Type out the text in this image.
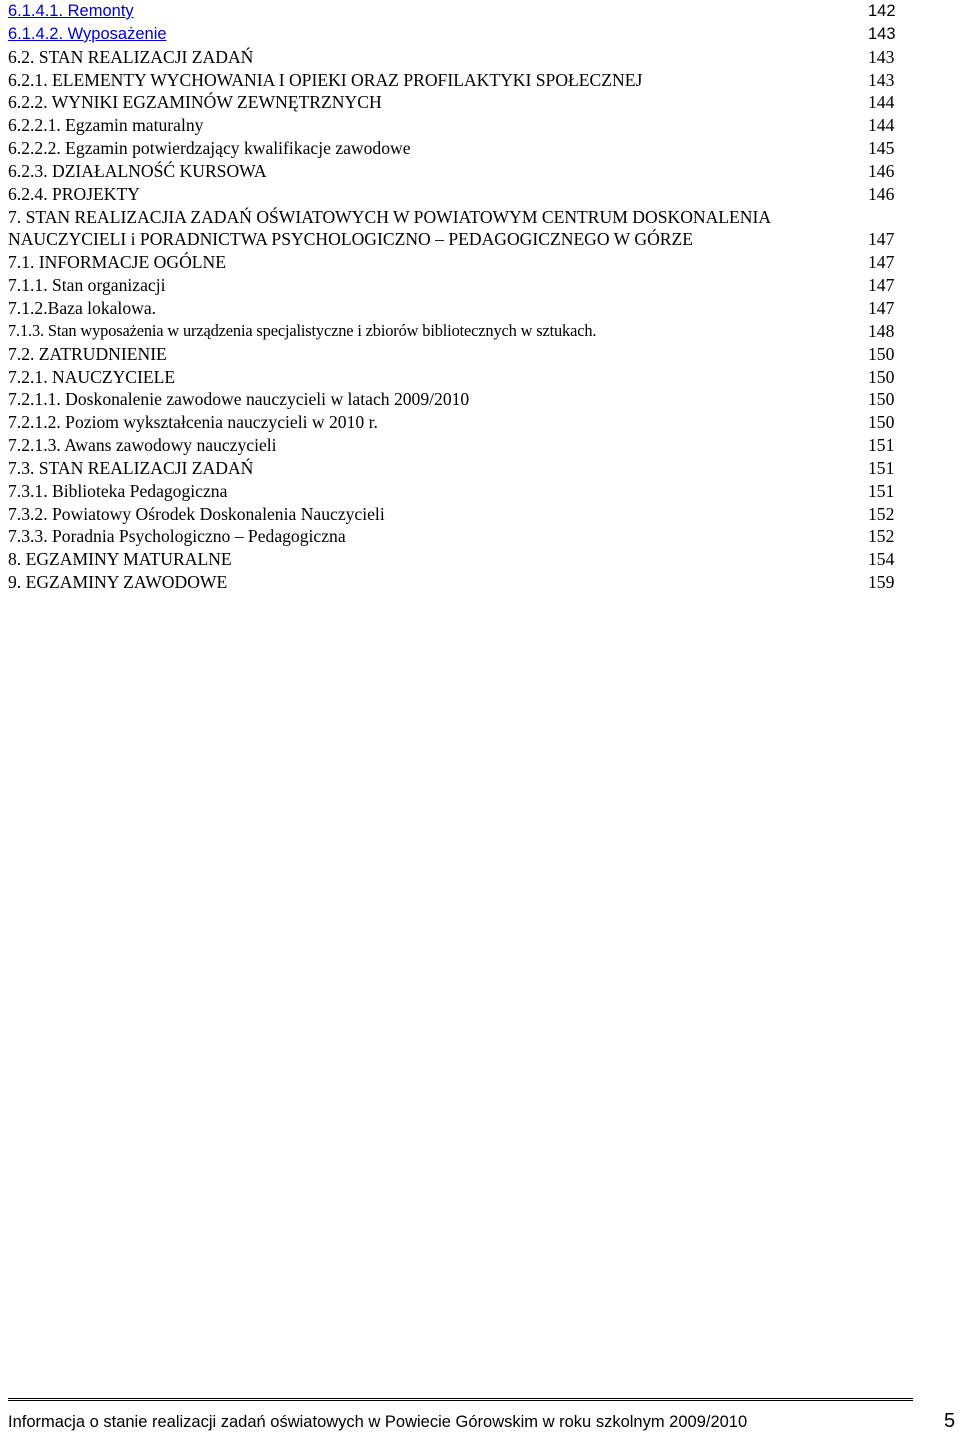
6.1.4.1. Remonty	142
6.1.4.2. Wyposażenie	143
6.2. STAN REALIZACJI ZADAŃ	143
6.2.1. ELEMENTY WYCHOWANIA I OPIEKI ORAZ PROFILAKTYKI SPOŁECZNEJ	143
6.2.2. WYNIKI EGZAMINÓW ZEWNĘTRZNYCH	144
6.2.2.1. Egzamin maturalny	144
6.2.2.2. Egzamin potwierdzający kwalifikacje zawodowe	145
6.2.3. DZIAŁALNOŚĆ KURSOWA	146
6.2.4. PROJEKTY	146
7. STAN REALIZACJIA ZADAŃ OŚWIATOWYCH W POWIATOWYM CENTRUM DOSKONALENIA NAUCZYCIELI i PORADNICTWA PSYCHOLOGICZNO – PEDAGOGICZNEGO W GÓRZE	147
7.1. INFORMACJE OGÓLNE	147
7.1.1. Stan organizacji	147
7.1.2.Baza lokalowa.	147
7.1.3. Stan wyposażenia w urządzenia specjalistyczne i zbiorów bibliotecznych w sztukach.	148
7.2. ZATRUDNIENIE	150
7.2.1. NAUCZYCIELE	150
7.2.1.1. Doskonalenie zawodowe nauczycieli w latach 2009/2010	150
7.2.1.2. Poziom wykształcenia nauczycieli w 2010 r.	150
7.2.1.3. Awans zawodowy nauczycieli	151
7.3. STAN REALIZACJI ZADAŃ	151
7.3.1. Biblioteka Pedagogiczna	151
7.3.2. Powiatowy Ośrodek Doskonalenia Nauczycieli	152
7.3.3. Poradnia Psychologiczno – Pedagogiczna	152
8. EGZAMINY MATURALNE	154
9. EGZAMINY ZAWODOWE	159
Informacja o stanie realizacji zadań oświatowych w Powiecie Górowskim w roku szkolnym 2009/2010	5
